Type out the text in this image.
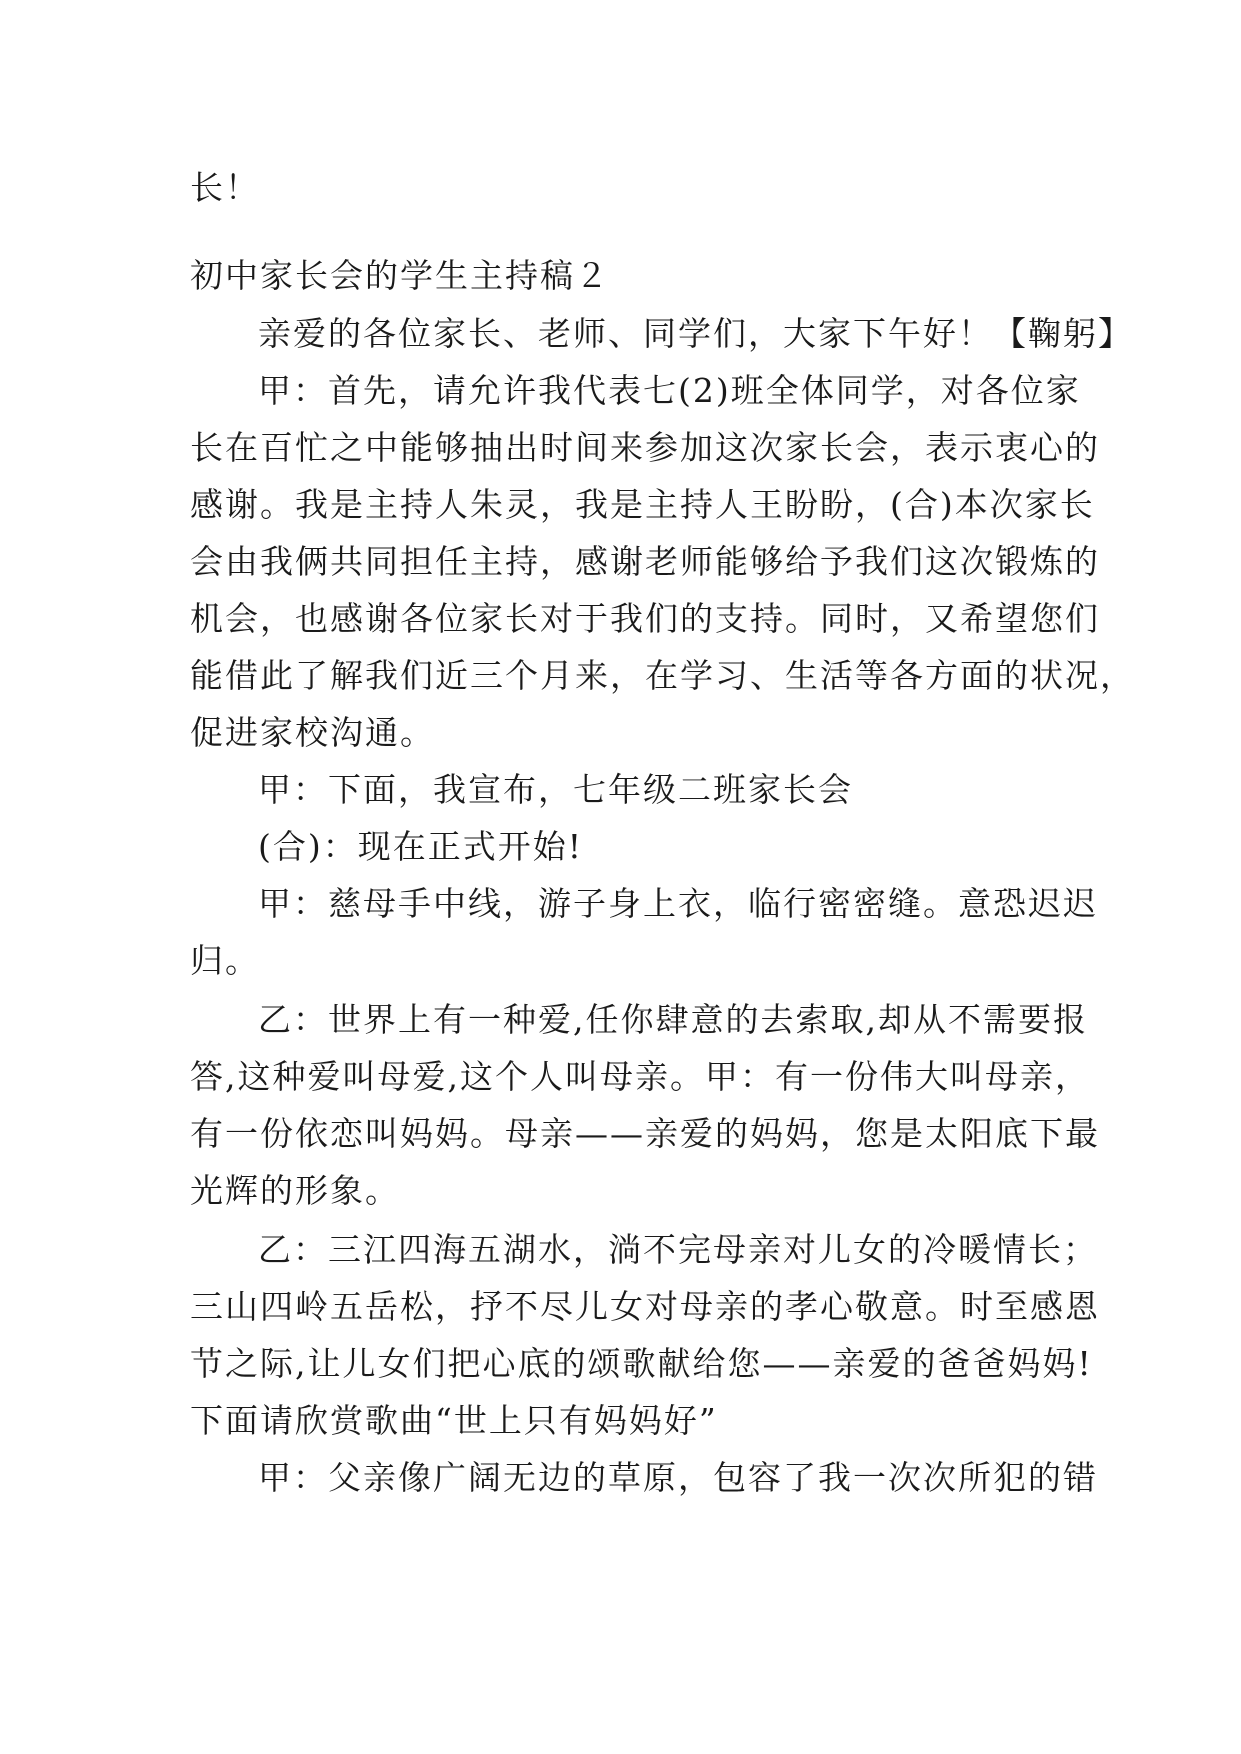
长！
初中家长会的学生主持稿２
亲爱的各位家长、老师、同学们，大家下午好！【鞠躬】
甲：首先，请允许我代表七(2)班全体同学，对各位家
长在百忙之中能够抽出时间来参加这次家长会，表示衷心的
感谢。我是主持人朱灵，我是主持人王盼盼，(合)本次家长
会由我俩共同担任主持，感谢老师能够给予我们这次锻炼的
机会，也感谢各位家长对于我们的支持。同时，又希望您们
能借此了解我们近三个月来，在学习、生活等各方面的状况，
促进家校沟通。
甲：下面，我宣布，七年级二班家长会
(合)：现在正式开始!
甲：慈母手中线，游子身上衣，临行密密缝。意恐迟迟
归。
乙：世界上有一种爱,任你肆意的去索取,却从不需要报
答,这种爱叫母爱,这个人叫母亲。甲：有一份伟大叫母亲，
有一份依恋叫妈妈。母亲——亲爱的妈妈，您是太阳底下最
光辉的形象。
乙：三江四海五湖水，淌不完母亲对儿女的冷暖情长；
三山四岭五岳松，抒不尽儿女对母亲的孝心敬意。时至感恩
节之际,让儿女们把心底的颂歌献给您——亲爱的爸爸妈妈!
下面请欣赏歌曲“世上只有妈妈好”
甲：父亲像广阔无边的草原，包容了我一次次所犯的错
